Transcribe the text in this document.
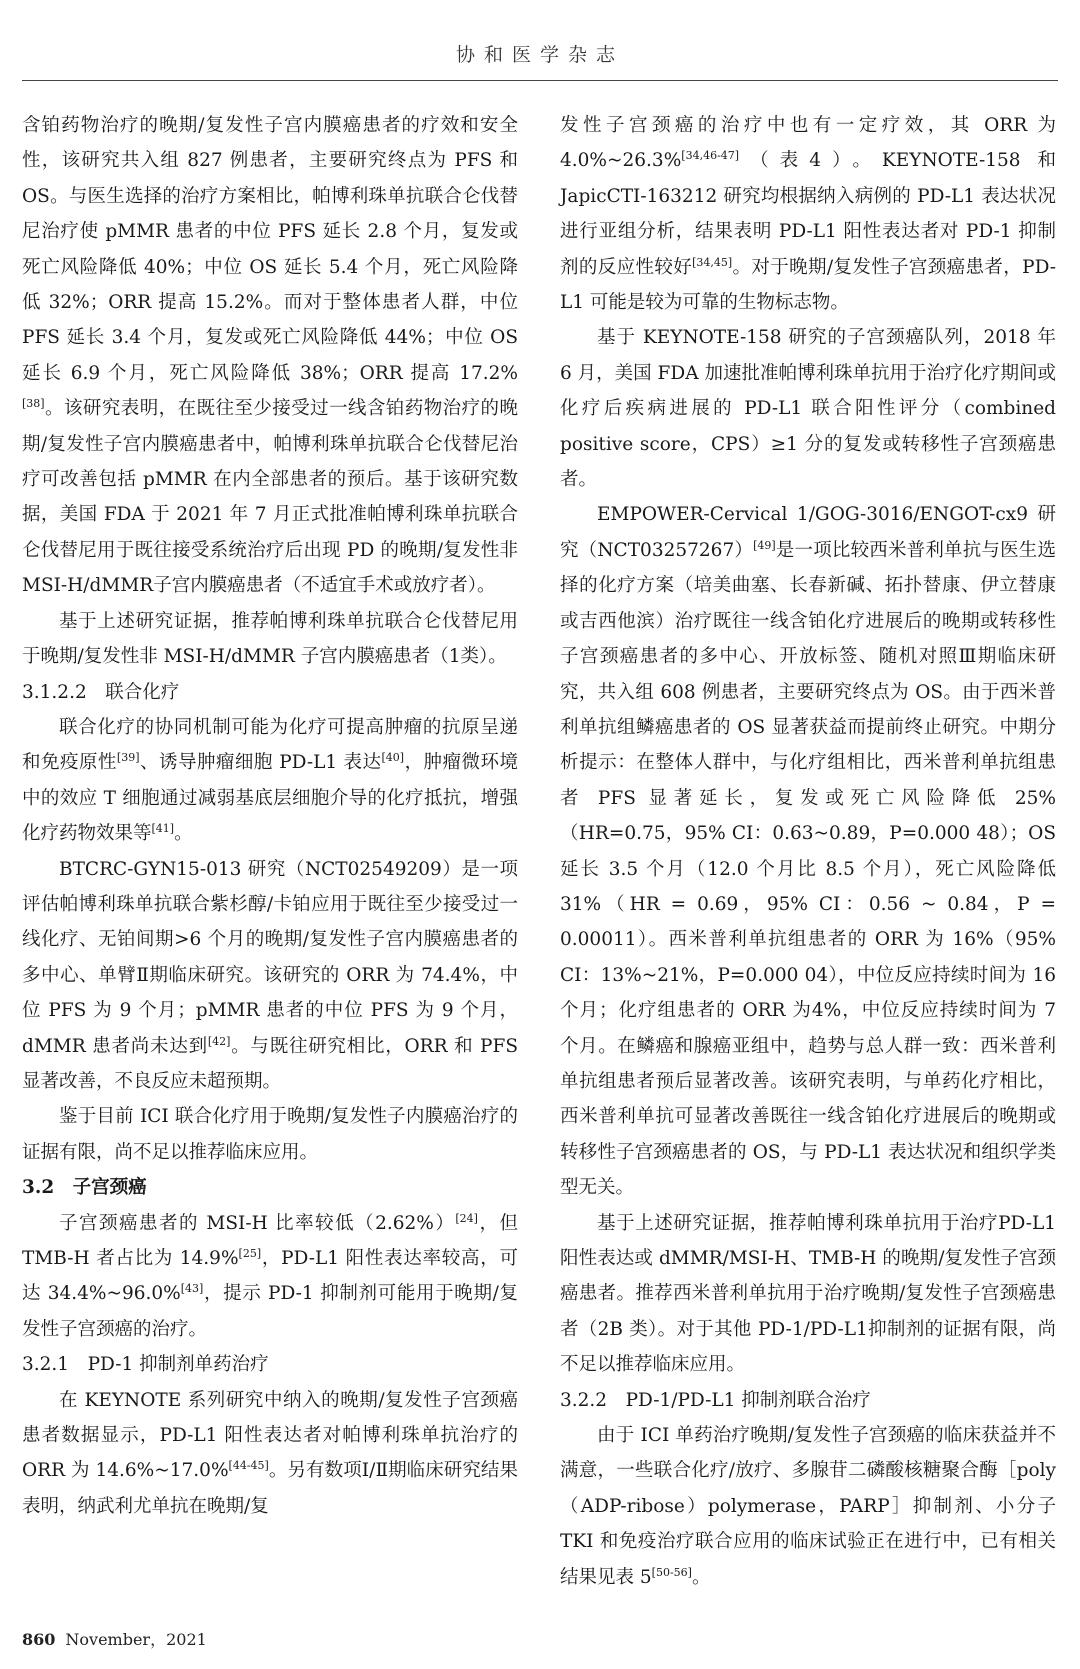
协和医学杂志

含铂药物治疗的晚期/复发性子宫内膜癌患者的疗效和安全性，该研究共入组 827 例患者，主要研究终点为 PFS 和 OS。与医生选择的治疗方案相比，帕博利珠单抗联合仑伐替尼治疗使 pMMR 患者的中位 PFS 延长 2.8 个月，复发或死亡风险降低 40%；中位 OS 延长 5.4 个月，死亡风险降低 32%；ORR 提高 15.2%。而对于整体患者人群，中位 PFS 延长 3.4 个月，复发或死亡风险降低 44%；中位 OS 延长 6.9 个月，死亡风险降低 38%；ORR 提高 17.2%[38]。该研究表明，在既往至少接受过一线含铂药物治疗的晚期/复发性子宫内膜癌患者中，帕博利珠单抗联合仑伐替尼治疗可改善包括 pMMR 在内全部患者的预后。基于该研究数据，美国 FDA 于 2021 年 7 月正式批准帕博利珠单抗联合仑伐替尼用于既往接受系统治疗后出现 PD 的晚期/复发性非 MSI-H/dMMR子宫内膜癌患者（不适宜手术或放疗者）。

基于上述研究证据，推荐帕博利珠单抗联合仑伐替尼用于晚期/复发性非 MSI-H/dMMR 子宫内膜癌患者（1类）。

3.1.2.2　联合化疗

联合化疗的协同机制可能为化疗可提高肿瘤的抗原呈递和免疫原性[39]、诱导肿瘤细胞 PD-L1 表达[40]，肿瘤微环境中的效应 T 细胞通过减弱基底层细胞介导的化疗抵抗，增强化疗药物效果等[41]。

BTCRC-GYN15-013 研究（NCT02549209）是一项评估帕博利珠单抗联合紫杉醇/卡铂应用于既往至少接受过一线化疗、无铂间期>6 个月的晚期/复发性子宫内膜癌患者的多中心、单臂Ⅱ期临床研究。该研究的 ORR 为 74.4%，中位 PFS 为 9 个月；pMMR 患者的中位 PFS 为 9 个月，dMMR 患者尚未达到[42]。与既往研究相比，ORR 和 PFS 显著改善，不良反应未超预期。

鉴于目前 ICI 联合化疗用于晚期/复发性子内膜癌治疗的证据有限，尚不足以推荐临床应用。

3.2　子宫颈癌

子宫颈癌患者的 MSI-H 比率较低（2.62%）[24]，但 TMB-H 者占比为 14.9%[25]，PD-L1 阳性表达率较高，可达 34.4%~96.0%[43]，提示 PD-1 抑制剂可能用于晚期/复发性子宫颈癌的治疗。

3.2.1　PD-1 抑制剂单药治疗

在 KEYNOTE 系列研究中纳入的晚期/复发性子宫颈癌患者数据显示，PD-L1 阳性表达者对帕博利珠单抗治疗的 ORR 为 14.6%~17.0%[44-45]。另有数项Ⅰ/Ⅱ期临床研究结果表明，纳武利尤单抗在晚期/复

发性子宫颈癌的治疗中也有一定疗效，其 ORR 为 4.0%~26.3%[34,46-47]（表4）。KEYNOTE-158 和 JapicCTI-163212 研究均根据纳入病例的 PD-L1 表达状况进行亚组分析，结果表明 PD-L1 阳性表达者对 PD-1 抑制剂的反应性较好[34,45]。对于晚期/复发性子宫颈癌患者，PD-L1 可能是较为可靠的生物标志物。

基于 KEYNOTE-158 研究的子宫颈癌队列，2018 年 6 月，美国 FDA 加速批准帕博利珠单抗用于治疗化疗期间或化疗后疾病进展的 PD-L1 联合阳性评分（combined positive score，CPS）≥1 分的复发或转移性子宫颈癌患者。

EMPOWER-Cervical 1/GOG-3016/ENGOT-cx9 研究（NCT03257267）[49]是一项比较西米普利单抗与医生选择的化疗方案（培美曲塞、长春新碱、拓扑替康、伊立替康或吉西他滨）治疗既往一线含铂化疗进展后的晚期或转移性子宫颈癌患者的多中心、开放标签、随机对照Ⅲ期临床研究，共入组 608 例患者，主要研究终点为 OS。由于西米普利单抗组鳞癌患者的 OS 显著获益而提前终止研究。中期分析提示：在整体人群中，与化疗组相比，西米普利单抗组患者 PFS 显著延长，复发或死亡风险降低 25%（HR=0.75，95% CI：0.63~0.89，P=0.000 48）；OS 延长 3.5 个月（12.0 个月比 8.5 个月），死亡风险降低 31%（HR = 0.69，95% CI：0.56 ~ 0.84，P = 0.00011）。西米普利单抗组患者的 ORR 为 16%（95% CI：13%~21%，P=0.000 04），中位反应持续时间为 16 个月；化疗组患者的 ORR 为4%，中位反应持续时间为 7 个月。在鳞癌和腺癌亚组中，趋势与总人群一致：西米普利单抗组患者预后显著改善。该研究表明，与单药化疗相比，西米普利单抗可显著改善既往一线含铂化疗进展后的晚期或转移性子宫颈癌患者的 OS，与 PD-L1 表达状况和组织学类型无关。

基于上述研究证据，推荐帕博利珠单抗用于治疗PD-L1 阳性表达或 dMMR/MSI-H、TMB-H 的晚期/复发性子宫颈癌患者。推荐西米普利单抗用于治疗晚期/复发性子宫颈癌患者（2B 类）。对于其他 PD-1/PD-L1抑制剂的证据有限，尚不足以推荐临床应用。

3.2.2　PD-1/PD-L1 抑制剂联合治疗

由于 ICI 单药治疗晚期/复发性子宫颈癌的临床获益并不满意，一些联合化疗/放疗、多腺苷二磷酸核糖聚合酶［poly（ADP-ribose）polymerase，PARP］抑制剂、小分子 TKI 和免疫治疗联合应用的临床试验正在进行中，已有相关结果见表 5[50-56]。

860 November，2021
